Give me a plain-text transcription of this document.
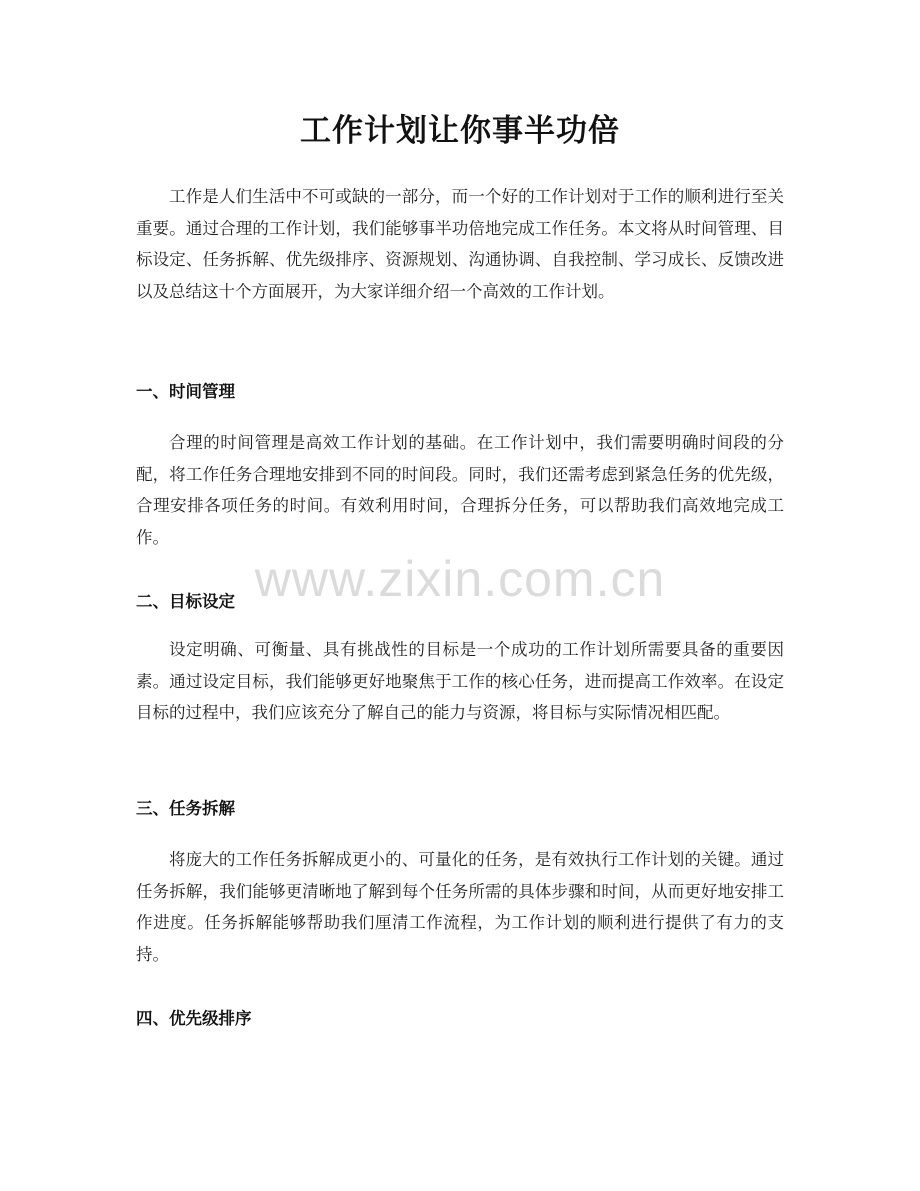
工作计划让你事半功倍

工作是人们生活中不可或缺的一部分，而一个好的工作计划对于工作的顺利进行至关重要。通过合理的工作计划，我们能够事半功倍地完成工作任务。本文将从时间管理、目标设定、任务拆解、优先级排序、资源规划、沟通协调、自我控制、学习成长、反馈改进以及总结这十个方面展开，为大家详细介绍一个高效的工作计划。

一、时间管理

合理的时间管理是高效工作计划的基础。在工作计划中，我们需要明确时间段的分配，将工作任务合理地安排到不同的时间段。同时，我们还需考虑到紧急任务的优先级，合理安排各项任务的时间。有效利用时间，合理拆分任务，可以帮助我们高效地完成工作。

二、目标设定

设定明确、可衡量、具有挑战性的目标是一个成功的工作计划所需要具备的重要因素。通过设定目标，我们能够更好地聚焦于工作的核心任务，进而提高工作效率。在设定目标的过程中，我们应该充分了解自己的能力与资源，将目标与实际情况相匹配。

三、任务拆解

将庞大的工作任务拆解成更小的、可量化的任务，是有效执行工作计划的关键。通过任务拆解，我们能够更清晰地了解到每个任务所需的具体步骤和时间，从而更好地安排工作进度。任务拆解能够帮助我们厘清工作流程，为工作计划的顺利进行提供了有力的支持。

四、优先级排序
www.zixin.com.cn
